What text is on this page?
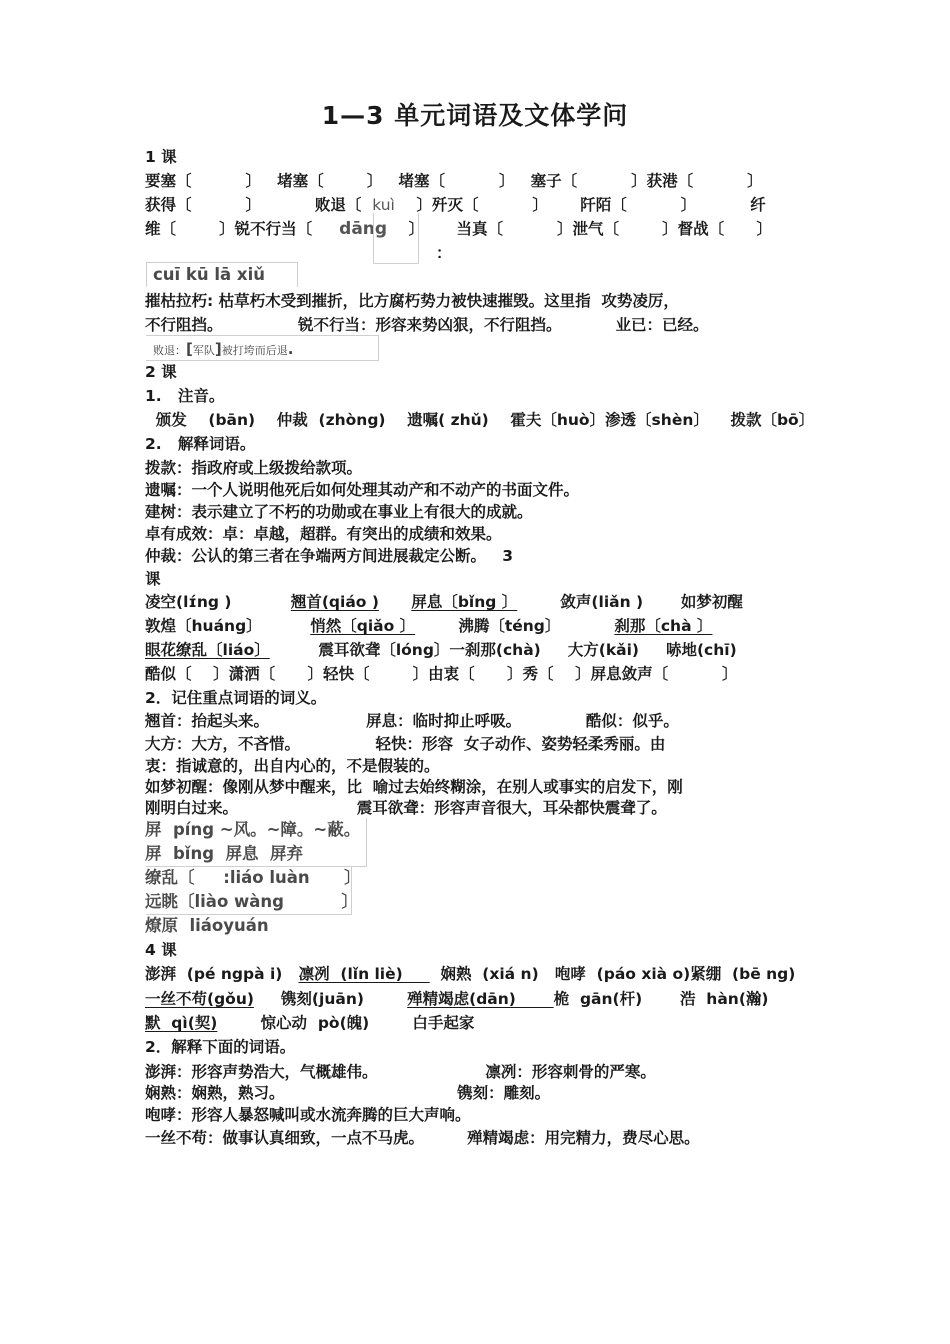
1—3 单元词语及文体学问
1 课
要塞〔          〕   堵塞〔        〕   堵塞〔          〕   塞子〔          〕获港〔          〕
获得〔          〕          败退〔  kuì    〕歼灭〔          〕      阡陌〔          〕          纤
维〔        〕锐不行当〔     dāng    〕      当真〔          〕泄气〔        〕督战〔      〕
：
cuī kū lā xiǔ
摧枯拉朽: 枯草朽木受到摧折，比方腐朽势力被快速摧毁。这里指  攻势凌厉，
不行阻挡。              锐不行当：形容来势凶狠，不行阻挡。          业已：已经。
败退：[军队]被打垮而后退.
2 课
1.   注音。
颁发    (bān)    仲裁  (zhòng)    遗嘱( zhǔ)    霍夫〔huò〕渗透〔shèn〕    拨款〔bō〕
2.   解释词语。
拨款：指政府或上级拨给款项。
遗嘱：一个人说明他死后如何处理其动产和不动产的书面文件。
建树：表示建立了不朽的功勋或在事业上有很大的成就。
卓有成效：卓：卓越，超群。有突出的成绩和效果。
仲裁：公认的第三者在争端两方间进展裁定公断。   3
课
凌空(lɪ́ng )           翘首(qiáo ) 屏息〔bǐng 〕        敛声(liǎn )       如梦初醒
敦煌〔huáng〕         悄然〔qiǎo 〕        沸腾〔téng〕          刹那〔chà 〕
眼花缭乱〔liáo〕         震耳欲聋〔lóng〕一刹那(chà)     大方(kǎi)     哧地(chī)
酷似〔    〕潇洒〔      〕轻快〔        〕由衷〔      〕秀〔    〕屏息敛声〔          〕
2．记住重点词语的词义。
翘首：抬起头来。                  屏息：临时抑止呼吸。            酷似：似乎。
大方：大方，不吝惜。              轻快：形容  女子动作、姿势轻柔秀丽。由
衷：指诚意的，出自内心的，不是假装的。
如梦初醒：像刚从梦中醒来，比  喻过去始终糊涂，在别人或事实的启发下，刚
刚明白过来。                      震耳欲聋：形容声音很大，耳朵都快震聋了。
屏  píng ~风。~障。~蔽。
屏  bǐng  屏息  屏弃
缭乱〔     :liáo luàn      〕
远眺〔liào wàng          〕
燎原  liáoyuán
4 课
澎湃  (pé ngpà i)   凛冽  (lǐn liè)       娴熟  (xiá n)   咆哮  (páo xià o)紧绷  (bē ng)
一丝不苟(gǒu)     镌刻(juān)        殚精竭虑(dān)       桅  gān(杆)       浩  hàn(瀚)
默  qì(契)        惊心动  pò(魄)        白手起家
2．解释下面的词语。
澎湃：形容声势浩大，气概雄伟。                    凛冽：形容刺骨的严寒。
娴熟：娴熟，熟习。                                镌刻：雕刻。
咆哮：形容人暴怒喊叫或水流奔腾的巨大声响。
一丝不苟：做事认真细致，一点不马虎。        殚精竭虑：用完精力，费尽心思。
